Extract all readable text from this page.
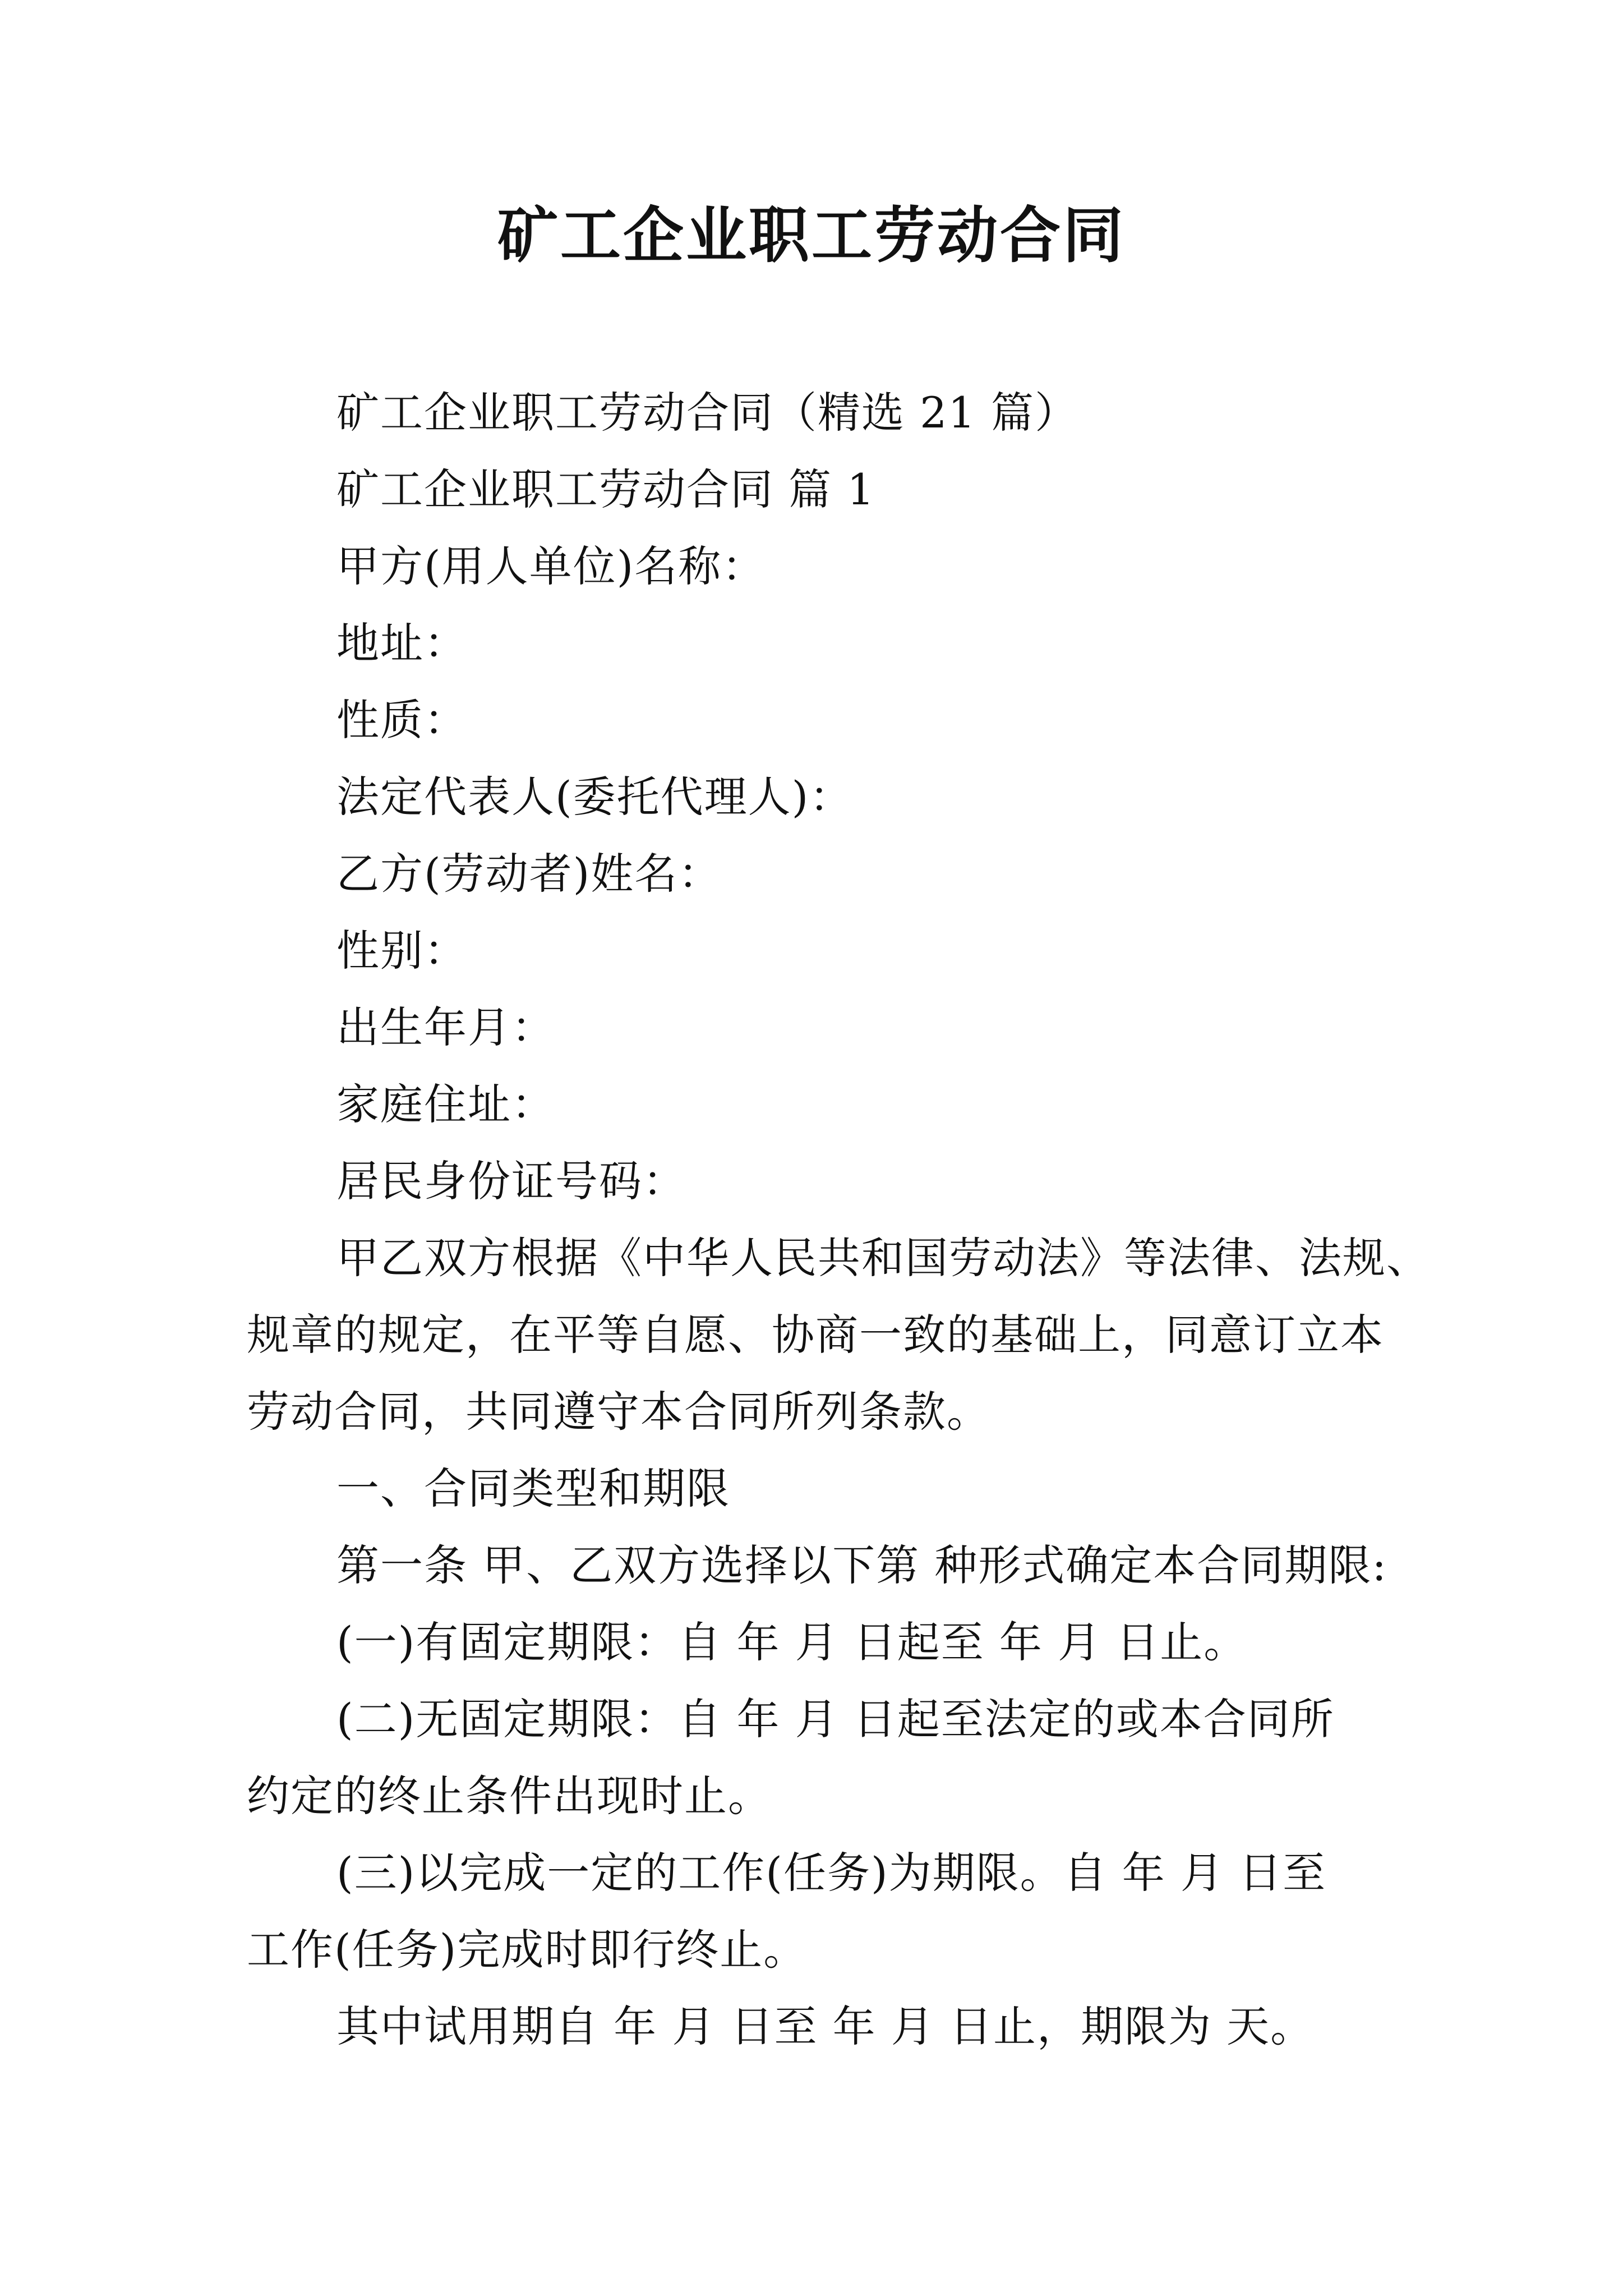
矿工企业职工劳动合同
矿工企业职工劳动合同（精选 21 篇）
矿工企业职工劳动合同 篇 1
甲方(用人单位)名称：
地址：
性质：
法定代表人(委托代理人)：
乙方(劳动者)姓名：
性别：
出生年月：
家庭住址：
居民身份证号码：
甲乙双方根据《中华人民共和国劳动法》等法律、法规、
规章的规定，在平等自愿、协商一致的基础上，同意订立本
劳动合同，共同遵守本合同所列条款。
一、合同类型和期限
第一条 甲、乙双方选择以下第 种形式确定本合同期限:
(一)有固定期限：自 年 月 日起至 年 月 日止。
(二)无固定期限：自 年 月 日起至法定的或本合同所
约定的终止条件出现时止。
(三)以完成一定的工作(任务)为期限。自 年 月 日至
工作(任务)完成时即行终止。
其中试用期自 年 月 日至 年 月 日止，期限为 天。
